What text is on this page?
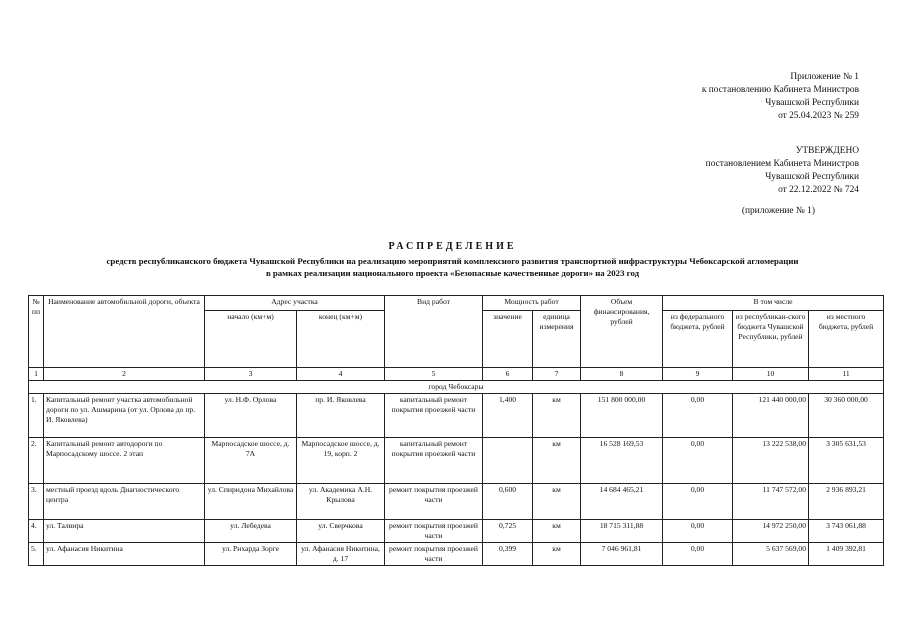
Приложение № 1
к постановлению Кабинета Министров
Чувашской Республики
от 25.04.2023 № 259
УТВЕРЖДЕНО
постановлением Кабинета Министров
Чувашской Республики
от 22.12.2022 № 724
(приложение № 1)
РАСПРЕДЕЛЕНИЕ
средств республиканского бюджета Чувашской Республики на реализацию мероприятий комплексного развития транспортной инфраструктуры Чебоксарской агломерации
в рамках реализации национального проекта «Безопасные качественные дороги» на 2023 год
№ пп	Наименование автомобильной дороги, объекта	Адрес участка		Вид работ	Мощность работ		Объем финансирования, рублей	В том числе		
		начало (км+м)	конец (км+м)		значение	единица измерения		из федерального бюджета, рублей	из республикан-ского бюджета Чувашской Республики, рублей	из местного бюджета, рублей
1	2	3	4	5	6	7	8	9	10	11
город Чебоксары										
1.	Капитальный ремонт участка автомобильной дороги по ул. Ашмарина (от ул. Орлова до пр. И. Яковлева)	ул. Н.Ф. Орлова	пр. И. Яковлева	капитальный ремонт покрытия проезжей части	1,400	км	151 800 000,00	0,00	121 440 000,00	30 360 000,00
2.	Капитальный ремонт автодороги по Марпосадскому шоссе. 2 этап	Марпосадское шоссе, д. 7А	Марпосадское шоссе, д. 19, корп. 2	капитальный ремонт покрытия проезжей части		км	16 528 169,53	0,00	13 222 538,00	3 305 631,53
3.	местный проезд вдоль Диагностического центра	ул. Спиридона Михайлова	ул. Академика А.Н. Крылова	ремонт покрытия проезжей части	0,600	км	14 684 465,21	0,00	11 747 572,00	2 936 893,21
4.	ул. Талвира	ул. Лебедева	ул. Сверчкова	ремонт покрытия проезжей части	0,725	км	18 715 311,88	0,00	14 972 250,00	3 743 061,88
5.	ул. Афанасия Никитина	ул. Рихарда Зорге	ул. Афанасия Никитина, д. 17	ремонт покрытия проезжей части	0,399	км	7 046 961,81	0,00	5 637 569,00	1 409 392,81
